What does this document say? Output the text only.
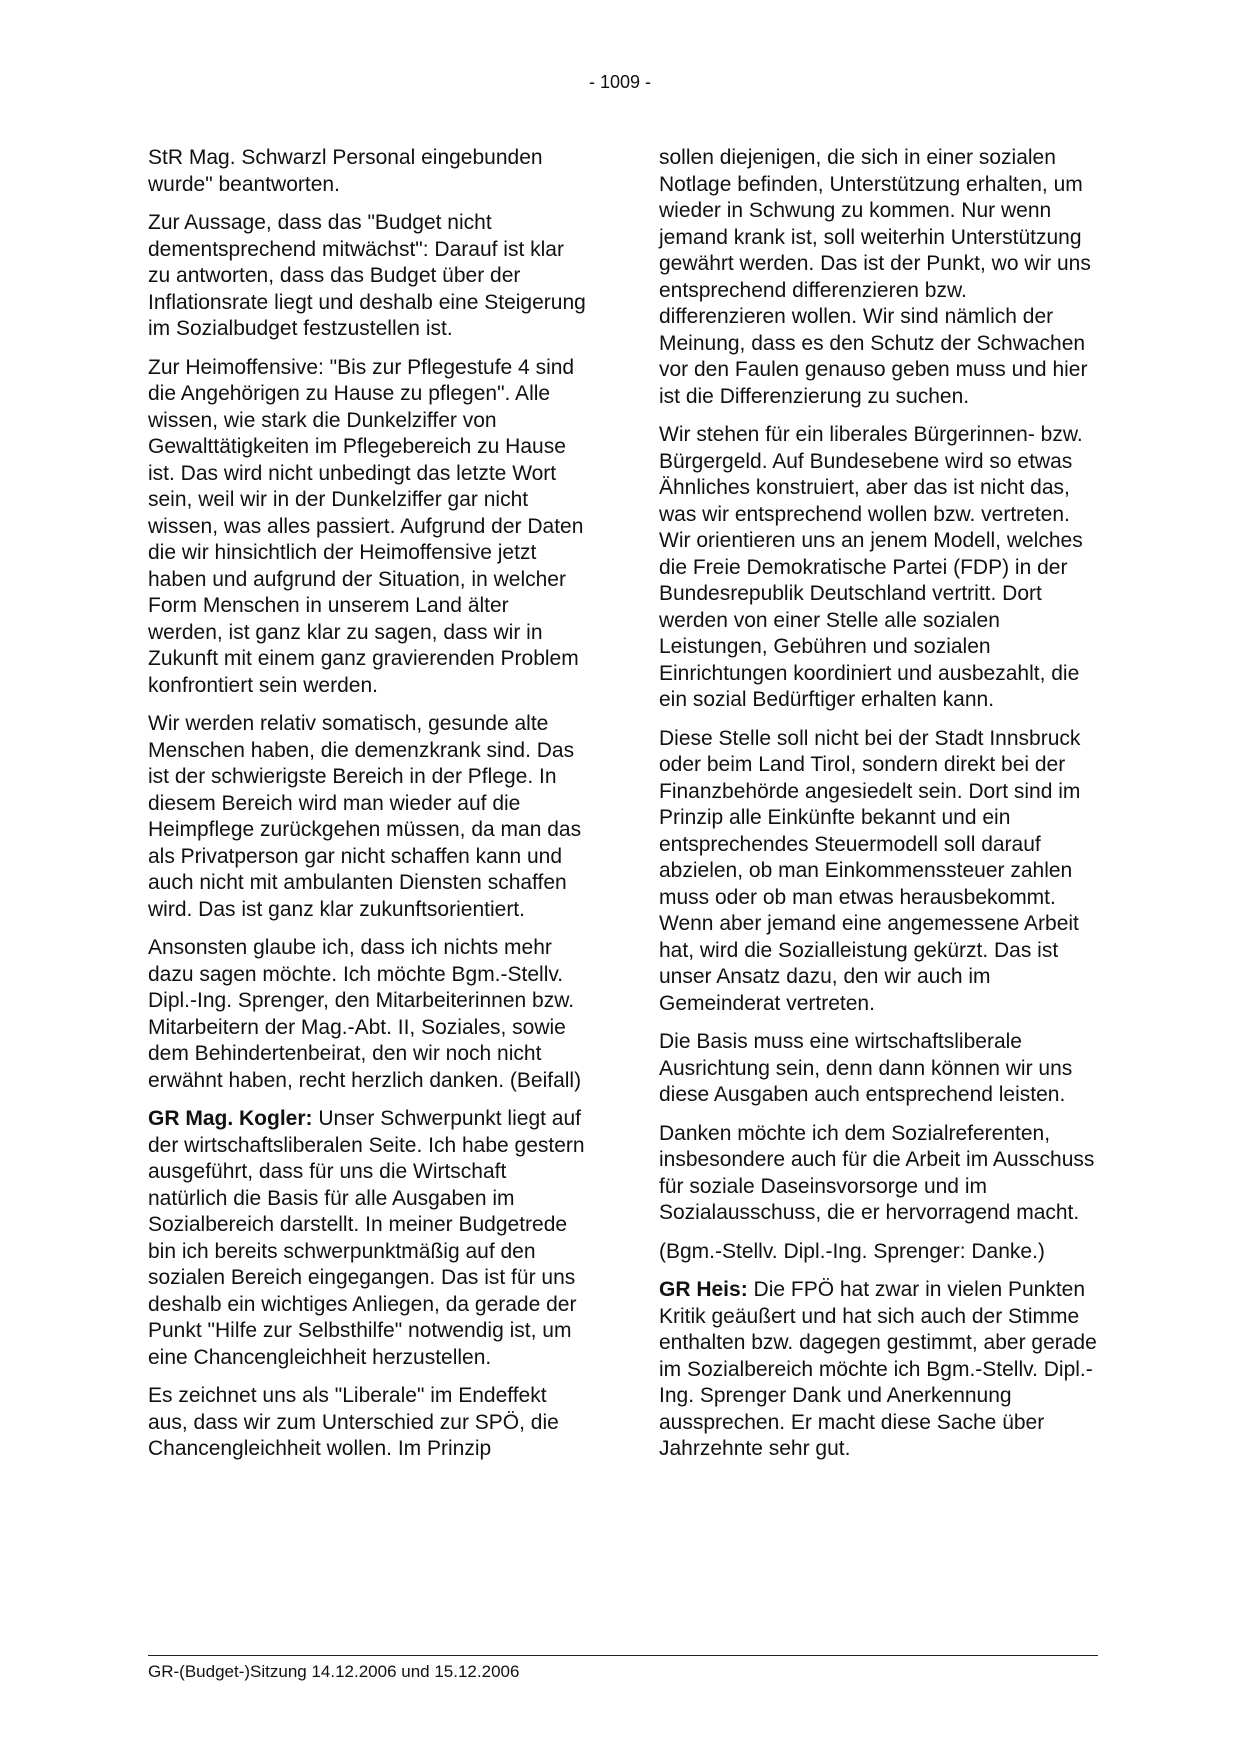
- 1009 -

StR Mag. Schwarzl Personal eingebunden wurde" beantworten.

Zur Aussage, dass das "Budget nicht dementsprechend mitwächst": Darauf ist klar zu antworten, dass das Budget über der Inflationsrate liegt und deshalb eine Steigerung im Sozialbudget festzustellen ist.

Zur Heimoffensive: "Bis zur Pflegestufe 4 sind die Angehörigen zu Hause zu pflegen". Alle wissen, wie stark die Dunkelziffer von Gewalttätigkeiten im Pflegebereich zu Hause ist. Das wird nicht unbedingt das letzte Wort sein, weil wir in der Dunkelziffer gar nicht wissen, was alles passiert. Aufgrund der Daten die wir hinsichtlich der Heimoffensive jetzt haben und aufgrund der Situation, in welcher Form Menschen in unserem Land älter werden, ist ganz klar zu sagen, dass wir in Zukunft mit einem ganz gravierenden Problem konfrontiert sein werden.

Wir werden relativ somatisch, gesunde alte Menschen haben, die demenzkrank sind. Das ist der schwierigste Bereich in der Pflege. In diesem Bereich wird man wieder auf die Heimpflege zurückgehen müssen, da man das als Privatperson gar nicht schaffen kann und auch nicht mit ambulanten Diensten schaffen wird. Das ist ganz klar zukunftsorientiert.

Ansonsten glaube ich, dass ich nichts mehr dazu sagen möchte. Ich möchte Bgm.-Stellv. Dipl.-Ing. Sprenger, den Mitarbeiterinnen bzw. Mitarbeitern der Mag.-Abt. II, Soziales, sowie dem Behindertenbeirat, den wir noch nicht erwähnt haben, recht herzlich danken. (Beifall)

GR Mag. Kogler: Unser Schwerpunkt liegt auf der wirtschaftsliberalen Seite. Ich habe gestern ausgeführt, dass für uns die Wirtschaft natürlich die Basis für alle Ausgaben im Sozialbereich darstellt. In meiner Budgetrede bin ich bereits schwerpunktmäßig auf den sozialen Bereich eingegangen. Das ist für uns deshalb ein wichtiges Anliegen, da gerade der Punkt "Hilfe zur Selbsthilfe" notwendig ist, um eine Chancengleichheit herzustellen.

Es zeichnet uns als "Liberale" im Endeffekt aus, dass wir zum Unterschied zur SPÖ, die Chancengleichheit wollen. Im Prinzip

sollen diejenigen, die sich in einer sozialen Notlage befinden, Unterstützung erhalten, um wieder in Schwung zu kommen. Nur wenn jemand krank ist, soll weiterhin Unterstützung gewährt werden. Das ist der Punkt, wo wir uns entsprechend differenzieren bzw. differenzieren wollen. Wir sind nämlich der Meinung, dass es den Schutz der Schwachen vor den Faulen genauso geben muss und hier ist die Differenzierung zu suchen.

Wir stehen für ein liberales Bürgerinnen- bzw. Bürgergeld. Auf Bundesebene wird so etwas Ähnliches konstruiert, aber das ist nicht das, was wir entsprechend wollen bzw. vertreten. Wir orientieren uns an jenem Modell, welches die Freie Demokratische Partei (FDP) in der Bundesrepublik Deutschland vertritt. Dort werden von einer Stelle alle sozialen Leistungen, Gebühren und sozialen Einrichtungen koordiniert und ausbezahlt, die ein sozial Bedürftiger erhalten kann.

Diese Stelle soll nicht bei der Stadt Innsbruck oder beim Land Tirol, sondern direkt bei der Finanzbehörde angesiedelt sein. Dort sind im Prinzip alle Einkünfte bekannt und ein entsprechendes Steuermodell soll darauf abzielen, ob man Einkommenssteuer zahlen muss oder ob man etwas herausbekommt. Wenn aber jemand eine angemessene Arbeit hat, wird die Sozialleistung gekürzt. Das ist unser Ansatz dazu, den wir auch im Gemeinderat vertreten.

Die Basis muss eine wirtschaftsliberale Ausrichtung sein, denn dann können wir uns diese Ausgaben auch entsprechend leisten.

Danken möchte ich dem Sozialreferenten, insbesondere auch für die Arbeit im Ausschuss für soziale Daseinsvorsorge und im Sozialausschuss, die er hervorragend macht.

(Bgm.-Stellv. Dipl.-Ing. Sprenger: Danke.)

GR Heis: Die FPÖ hat zwar in vielen Punkten Kritik geäußert und hat sich auch der Stimme enthalten bzw. dagegen gestimmt, aber gerade im Sozialbereich möchte ich Bgm.-Stellv. Dipl.-Ing. Sprenger Dank und Anerkennung aussprechen. Er macht diese Sache über Jahrzehnte sehr gut.

GR-(Budget-)Sitzung 14.12.2006 und 15.12.2006
